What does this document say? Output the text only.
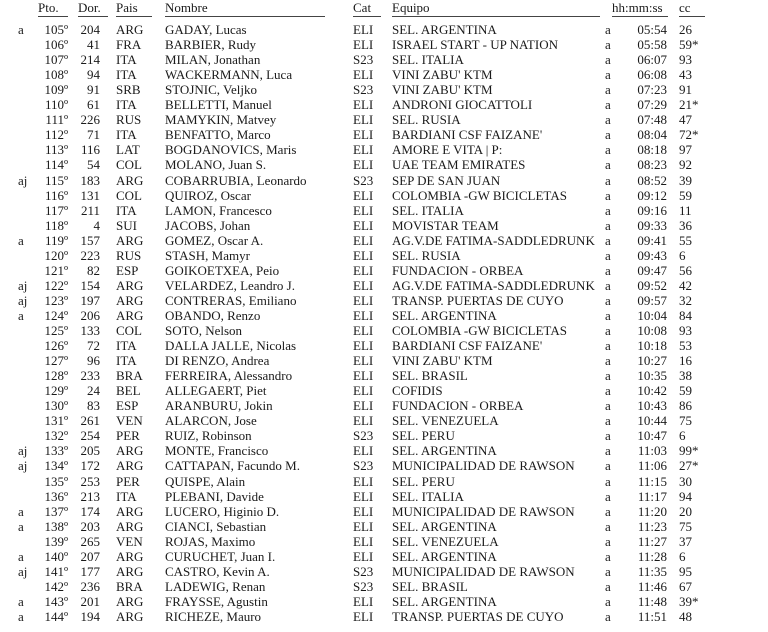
Pto. Dor. Pais Nombre	Cat Equipo	hh:mm:ss cc
a	105º 204 ARG	GADAY, Lucas	ELI	SEL. ARGENTINA	a	05:54 26
106º	41 FRA	BARBIER, Rudy	ELI	ISRAEL START - UP NATION	a	05:58 59*
107º 214 ITA	MILAN, Jonathan	S23	SEL. ITALIA	a	06:07 93
108º	94 ITA	WACKERMANN, Luca	ELI	VINI ZABU' KTM	a	06:08 43
109º	91 SRB	STOJNIC, Veljko	S23	VINI ZABU' KTM	a	07:23 91
110º	61 ITA	BELLETTI, Manuel	ELI	ANDRONI GIOCATTOLI	a	07:29 21*
111º 226 RUS	MAMYKIN, Matvey	ELI	SEL. RUSIA	a	07:48 47
112º	71 ITA	BENFATTO, Marco	ELI	BARDIANI CSF FAIZANE'	a	08:04 72*
113º 116 LAT	BOGDANOVICS, Maris	ELI	AMORE E VITA | P:	a	08:18 97
114º	54 COL	MOLANO, Juan S.	ELI	UAE TEAM EMIRATES	a	08:23 92
aj	115º 183 ARG	COBARRUBIA, Leonardo	S23	SEP DE SAN JUAN	a	08:52 39
116º 131 COL	QUIROZ, Oscar	ELI	COLOMBIA -GW BICICLETAS	a	09:12 59
117º 211 ITA	LAMON, Francesco	ELI	SEL. ITALIA	a	09:16 11
118º	4 SUI	JACOBS, Johan	ELI	MOVISTAR TEAM	a	09:33 36
a	119º 157 ARG	GOMEZ, Oscar A.	ELI	AG.V.DE FATIMA-SADDLEDRUNK a	09:41 55
120º 223 RUS	STASH, Mamyr	ELI	SEL. RUSIA	a	09:43 6
121º	82 ESP	GOIKOETXEA, Peio	ELI	FUNDACION - ORBEA	a	09:47 56
aj	122º 154 ARG	VELARDEZ, Leandro J.	ELI	AG.V.DE FATIMA-SADDLEDRUNK a	09:52 42
aj	123º 197 ARG	CONTRERAS, Emiliano	ELI	TRANSP. PUERTAS DE CUYO	a	09:57 32
a	124º 206 ARG	OBANDO, Renzo	ELI	SEL. ARGENTINA	a	10:04 84
125º 133 COL	SOTO, Nelson	ELI	COLOMBIA -GW BICICLETAS	a	10:08 93
126º	72 ITA	DALLA JALLE, Nicolas	ELI	BARDIANI CSF FAIZANE'	a	10:18 53
127º	96 ITA	DI RENZO, Andrea	ELI	VINI ZABU' KTM	a	10:27 16
128º 233 BRA	FERREIRA, Alessandro	ELI	SEL. BRASIL	a	10:35 38
129º	24 BEL	ALLEGAERT, Piet	ELI	COFIDIS	a	10:42 59
130º	83 ESP	ARANBURU, Jokin	ELI	FUNDACION - ORBEA	a	10:43 86
131º 261 VEN	ALARCON, Jose	ELI	SEL. VENEZUELA	a	10:44 75
132º 254 PER	RUIZ, Robinson	S23	SEL. PERU	a	10:47 6
aj	133º 205 ARG	MONTE, Francisco	ELI	SEL. ARGENTINA	a	11:03 99*
aj	134º 172 ARG	CATTAPAN, Facundo M.	S23	MUNICIPALIDAD DE RAWSON	a	11:06 27*
135º 253 PER	QUISPE, Alain	ELI	SEL. PERU	a	11:15 30
136º 213 ITA	PLEBANI, Davide	ELI	SEL. ITALIA	a	11:17 94
a	137º 174 ARG	LUCERO, Higinio D.	ELI	MUNICIPALIDAD DE RAWSON	a	11:20 20
a	138º 203 ARG	CIANCI, Sebastian	ELI	SEL. ARGENTINA	a	11:23 75
139º 265 VEN	ROJAS, Maximo	ELI	SEL. VENEZUELA	a	11:27 37
a	140º 207 ARG	CURUCHET, Juan I.	ELI	SEL. ARGENTINA	a	11:28 6
aj	141º 177 ARG	CASTRO, Kevin A.	S23	MUNICIPALIDAD DE RAWSON	a	11:35 95
142º 236 BRA	LADEWIG, Renan	S23	SEL. BRASIL	a	11:46 67
a	143º 201 ARG	FRAYSSE, Agustin	ELI	SEL. ARGENTINA	a	11:48 39*
a	144º 194 ARG	RICHEZE, Mauro	ELI	TRANSP. PUERTAS DE CUYO	a	11:51 48
